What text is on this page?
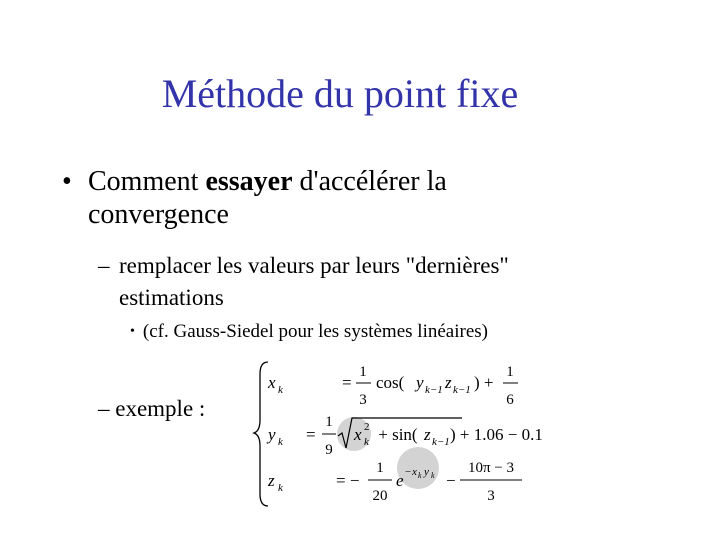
Méthode du point fixe
• Comment essayer d'accélérer la
convergence
– remplacer les valeurs par leurs "dernières"
estimations
• (cf. Gauss-Siedel pour les systèmes linéaires)
– exemple :
x k	=
1
3
cos( y k−1 z k−1 ) +
1
6
y k =
1
9
x 2
k + sin( z k−1 ) + 1.06 − 0.1
z k	= −
1
20
e − x k y k −
10π − 3
3
